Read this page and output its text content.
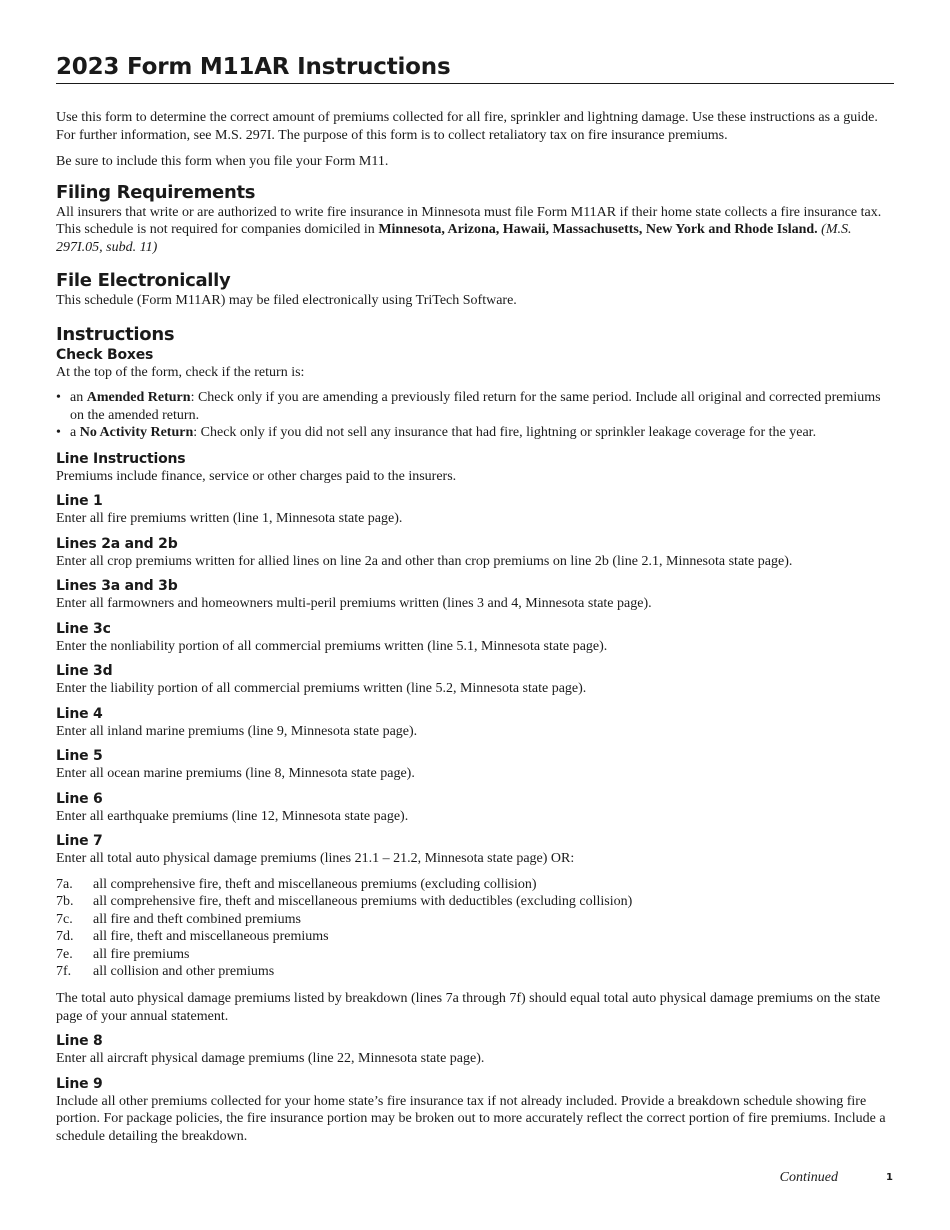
2023 Form M11AR Instructions

Use this form to determine the correct amount of premiums collected for all fire, sprinkler and lightning damage. Use these instructions as a guide. For further information, see M.S. 297I. The purpose of this form is to collect retaliatory tax on fire insurance premiums.

Be sure to include this form when you file your Form M11.

Filing Requirements

All insurers that write or are authorized to write fire insurance in Minnesota must file Form M11AR if their home state collects a fire insurance tax. This schedule is not required for companies domiciled in Minnesota, Arizona, Hawaii, Massachusetts, New York and Rhode Island. (M.S. 297I.05, subd. 11)

File Electronically

This schedule (Form M11AR) may be filed electronically using TriTech Software.

Instructions
Check Boxes

At the top of the form, check if the return is:

• an Amended Return: Check only if you are amending a previously filed return for the same period. Include all original and corrected premiums on the amended return.
• a No Activity Return: Check only if you did not sell any insurance that had fire, lightning or sprinkler leakage coverage for the year.
Line Instructions

Premiums include finance, service or other charges paid to the insurers.

Line 1

Enter all fire premiums written (line 1, Minnesota state page).

Lines 2a and 2b

Enter all crop premiums written for allied lines on line 2a and other than crop premiums on line 2b (line 2.1, Minnesota state page).

Lines 3a and 3b

Enter all farmowners and homeowners multi-peril premiums written (lines 3 and 4, Minnesota state page).

Line 3c

Enter the nonliability portion of all commercial premiums written (line 5.1, Minnesota state page).

Line 3d

Enter the liability portion of all commercial premiums written (line 5.2, Minnesota state page).

Line 4

Enter all inland marine premiums (line 9, Minnesota state page).

Line 5

Enter all ocean marine premiums (line 8, Minnesota state page).

Line 6

Enter all earthquake premiums (line 12, Minnesota state page).

Line 7

Enter all total auto physical damage premiums (lines 21.1 – 21.2, Minnesota state page) OR:

7a.	all comprehensive fire, theft and miscellaneous premiums (excluding collision)
7b.	all comprehensive fire, theft and miscellaneous premiums with deductibles (excluding collision)
7c.	all fire and theft combined premiums
7d.	all fire, theft and miscellaneous premiums
7e.	all fire premiums
7f.	all collision and other premiums

The total auto physical damage premiums listed by breakdown (lines 7a through 7f) should equal total auto physical damage premiums on the state page of your annual statement.

Line 8

Enter all aircraft physical damage premiums (line 22, Minnesota state page).

Line 9

Include all other premiums collected for your home state’s fire insurance tax if not already included. Provide a breakdown schedule showing fire portion. For package policies, the fire insurance portion may be broken out to more accurately reflect the correct portion of fire premiums. Include a schedule detailing the breakdown.

Continued	1
